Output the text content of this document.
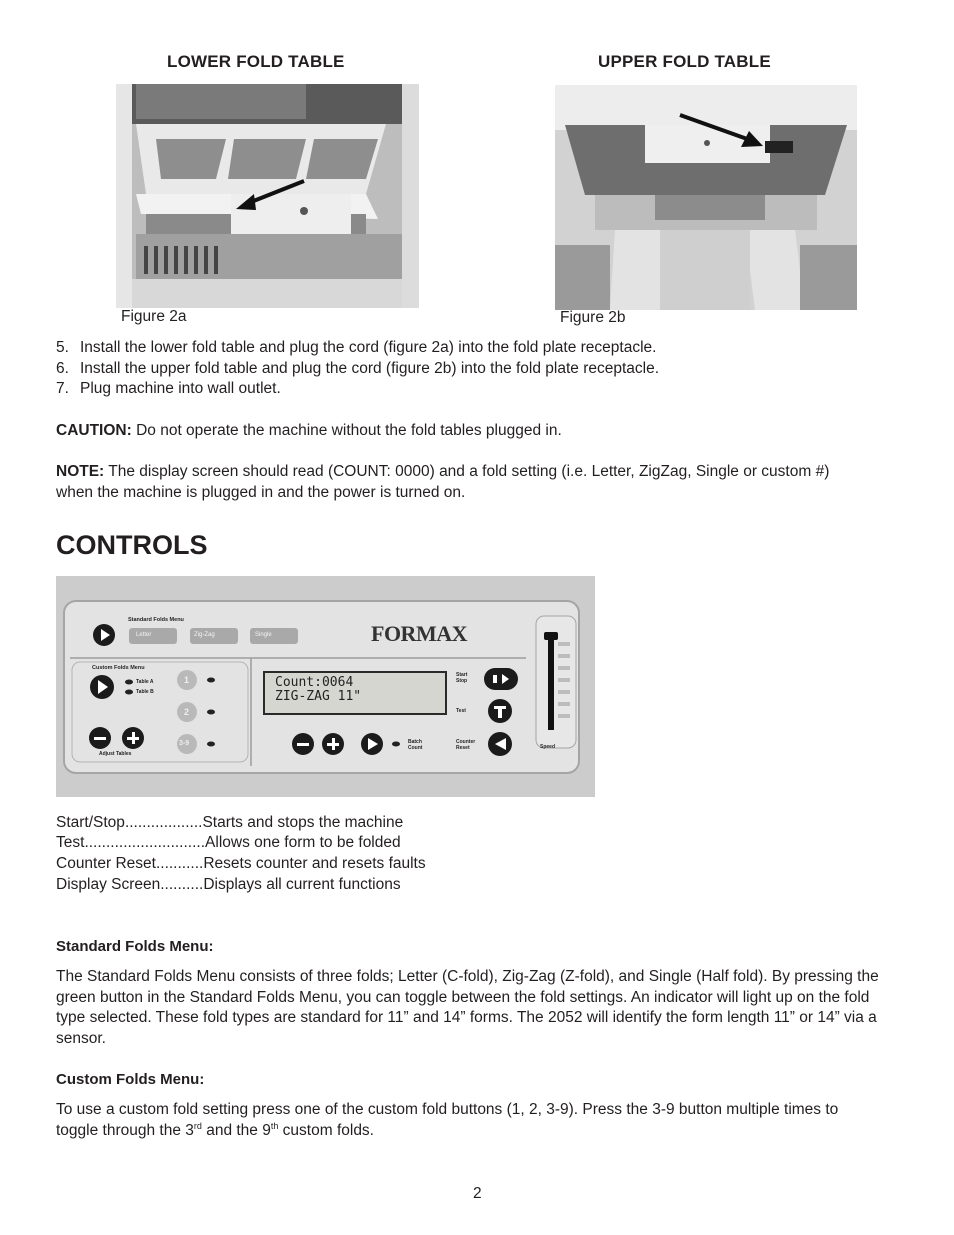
LOWER FOLD TABLE	UPPER FOLD TABLE
Figure 2a	Figure 2b
5. Install the lower fold table and plug the cord (figure 2a) into the fold plate receptacle.
6. Install the upper fold table and plug the cord (figure 2b) into the fold plate receptacle.
7. Plug machine into wall outlet.
CAUTION: Do not operate the machine without the fold tables plugged in.
NOTE: The display screen should read (COUNT: 0000) and a fold setting (i.e. Letter, ZigZag, Single or custom #) when the machine is plugged in and the power is turned on.
CONTROLS
Standard Folds Menu
Letter	Zig-Zag	Single	FORMAX
Custom Folds Menu
Table A
Table B
1
2
3-9
Adjust Tables
Count:0064
ZIG-ZAG 11"
Start Stop
Test
Batch Count
Counter Reset	Speed
Start/Stop..................Starts and stops the machine
Test............................Allows one form to be folded
Counter Reset...........Resets counter and resets faults
Display Screen..........Displays all current functions
Standard Folds Menu:
The Standard Folds Menu consists of three folds; Letter (C-fold), Zig-Zag (Z-fold), and Single (Half fold). By pressing the green button in the Standard Folds Menu, you can toggle between the fold settings. An indicator will light up on the fold type selected. These fold types are standard for 11” and 14” forms. The 2052 will identify the form length 11” or 14” via a sensor.
Custom Folds Menu:
To use a custom fold setting press one of the custom fold buttons (1, 2, 3-9). Press the 3-9 button multiple times to toggle through the 3rd and the 9th custom folds.
2
